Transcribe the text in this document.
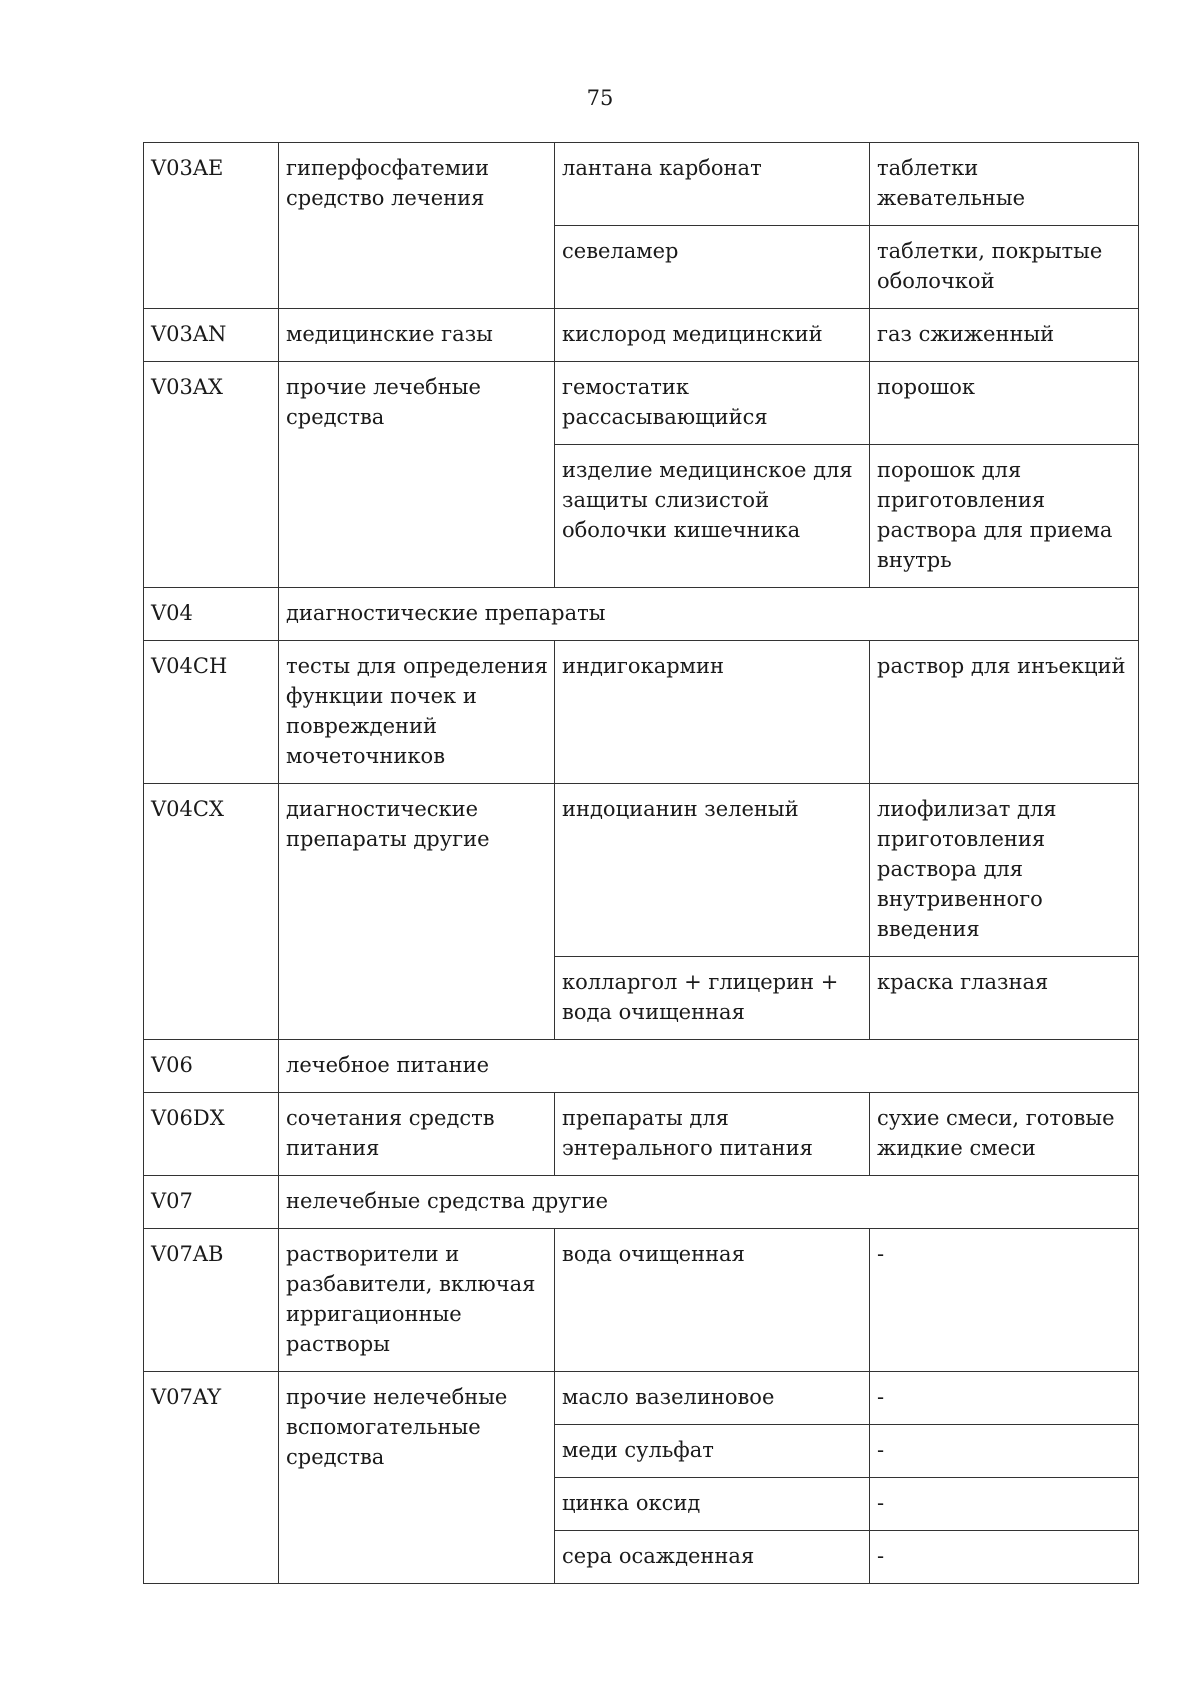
75
V03AE	гиперфосфатемии средство лечения	лантана карбонат	таблетки жевательные
		севеламер	таблетки, покрытые оболочкой
V03AN	медицинские газы	кислород медицинский	газ сжиженный
V03AX	прочие лечебные средства	гемостатик рассасывающийся	порошок
		изделие медицинское для защиты слизистой оболочки кишечника	порошок для приготовления раствора для приема внутрь
V04	диагностические препараты		
V04CH	тесты для определения функции почек и повреждений мочеточников	индигокармин	раствор для инъекций
V04CX	диагностические препараты другие	индоцианин зеленый	лиофилизат для приготовления раствора для внутривенного введения
		колларгол + глицерин + вода очищенная	краска глазная
V06	лечебное питание		
V06DX	сочетания средств питания	препараты для энтерального питания	сухие смеси, готовые жидкие смеси
V07	нелечебные средства другие		
V07AB	растворители и разбавители, включая ирригационные растворы	вода очищенная	-
V07AY	прочие нелечебные вспомогательные средства	масло вазелиновое	-
		меди сульфат	-
		цинка оксид	-
		сера осажденная	-
